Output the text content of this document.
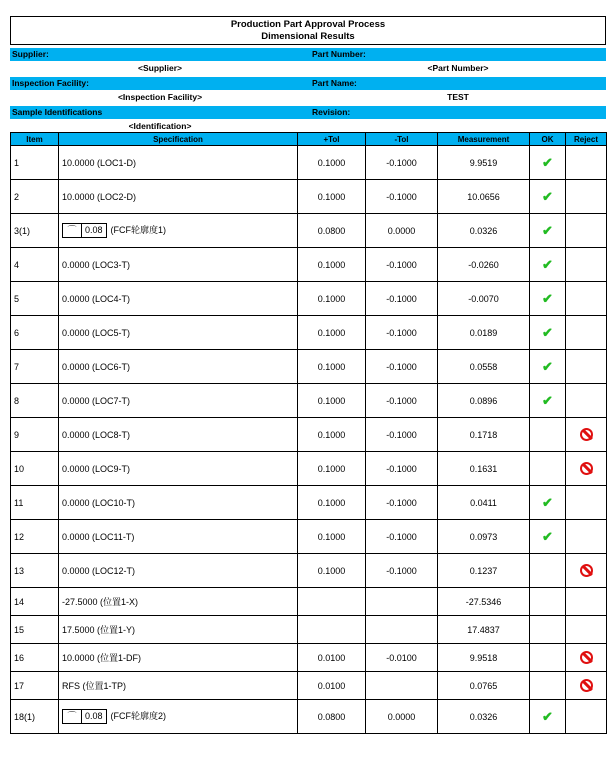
Production Part Approval Process
Dimensional Results
Supplier:	Part Number:
<Supplier>	<Part Number>
Inspection Facility:	Part Name:
<Inspection Facility>	TEST
Sample Identifications	Revision:
<Identification>
Item	Specification	+Tol	-Tol	Measurement	OK	Reject
1	10.0000 (LOC1-D)	0.1000	-0.1000	9.9519	✔	
2	10.0000 (LOC2-D)	0.1000	-0.1000	10.0656	✔	
3(1)	⌒ 0.08 (FCF轮廓度1)	0.0800	0.0000	0.0326	✔	
4	0.0000 (LOC3-T)	0.1000	-0.1000	-0.0260	✔	
5	0.0000 (LOC4-T)	0.1000	-0.1000	-0.0070	✔	
6	0.0000 (LOC5-T)	0.1000	-0.1000	0.0189	✔	
7	0.0000 (LOC6-T)	0.1000	-0.1000	0.0558	✔	
8	0.0000 (LOC7-T)	0.1000	-0.1000	0.0896	✔	
9	0.0000 (LOC8-T)	0.1000	-0.1000	0.1718		
10	0.0000 (LOC9-T)	0.1000	-0.1000	0.1631		
11	0.0000 (LOC10-T)	0.1000	-0.1000	0.0411	✔	
12	0.0000 (LOC11-T)	0.1000	-0.1000	0.0973	✔	
13	0.0000 (LOC12-T)	0.1000	-0.1000	0.1237		
14	-27.5000 (位置1-X)			-27.5346		
15	17.5000 (位置1-Y)			17.4837		
16	10.0000 (位置1-DF)	0.0100	-0.0100	9.9518		
17	RFS (位置1-TP)	0.0100		0.0765		
18(1)	⌒ 0.08 (FCF轮廓度2)	0.0800	0.0000	0.0326	✔	
